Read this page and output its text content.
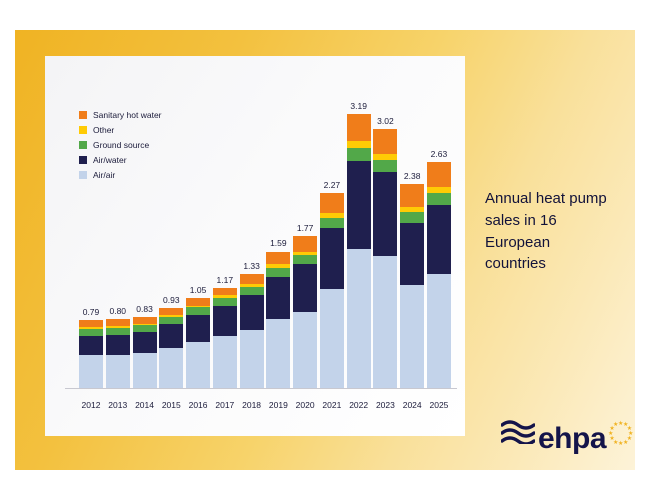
Sanitary hot water
Other
Ground source
Air/water
Air/air
0.79 0.80 0.83
0.93
1.05
1.17
1.33
1.59
1.77
2.27
3.19
3.02
2.38
2.63
2012 2013 2014 2015 2016 2017 2018 2019 2020 2021 2022 2023 2024 2025
Annual heat pump sales in 16 European countries
ehpa ★ ★
★
★
★
★
★
★
★
★
★
★
